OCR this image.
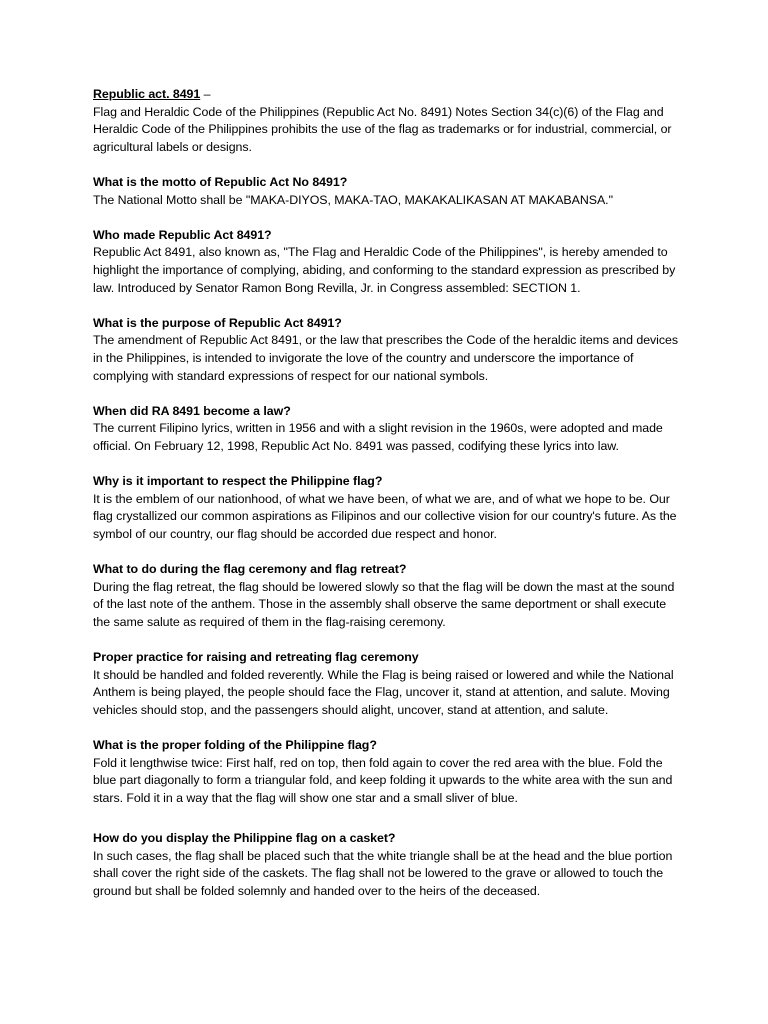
Republic act. 8491 –

Flag and Heraldic Code of the Philippines (Republic Act No. 8491) Notes Section 34(c)(6) of the Flag and Heraldic Code of the Philippines prohibits the use of the flag as trademarks or for industrial, commercial, or agricultural labels or designs.

What is the motto of Republic Act No 8491?

The National Motto shall be "MAKA-DIYOS, MAKA-TAO, MAKAKALIKASAN AT MAKABANSA."

Who made Republic Act 8491?

Republic Act 8491, also known as, "The Flag and Heraldic Code of the Philippines", is hereby amended to highlight the importance of complying, abiding, and conforming to the standard expression as prescribed by law. Introduced by Senator Ramon Bong Revilla, Jr. in Congress assembled: SECTION 1.

What is the purpose of Republic Act 8491?

The amendment of Republic Act 8491, or the law that prescribes the Code of the heraldic items and devices in the Philippines, is intended to invigorate the love of the country and underscore the importance of complying with standard expressions of respect for our national symbols.

When did RA 8491 become a law?

The current Filipino lyrics, written in 1956 and with a slight revision in the 1960s, were adopted and made official. On February 12, 1998, Republic Act No. 8491 was passed, codifying these lyrics into law.

Why is it important to respect the Philippine flag?

It is the emblem of our nationhood, of what we have been, of what we are, and of what we hope to be. Our flag crystallized our common aspirations as Filipinos and our collective vision for our country's future. As the symbol of our country, our flag should be accorded due respect and honor.

What to do during the flag ceremony and flag retreat?

During the flag retreat, the flag should be lowered slowly so that the flag will be down the mast at the sound of the last note of the anthem. Those in the assembly shall observe the same deportment or shall execute the same salute as required of them in the flag-raising ceremony.

Proper practice for raising and retreating flag ceremony

It should be handled and folded reverently. While the Flag is being raised or lowered and while the National Anthem is being played, the people should face the Flag, uncover it, stand at attention, and salute. Moving vehicles should stop, and the passengers should alight, uncover, stand at attention, and salute.

What is the proper folding of the Philippine flag?

Fold it lengthwise twice: First half, red on top, then fold again to cover the red area with the blue. Fold the blue part diagonally to form a triangular fold, and keep folding it upwards to the white area with the sun and stars. Fold it in a way that the flag will show one star and a small sliver of blue.

How do you display the Philippine flag on a casket?

In such cases, the flag shall be placed such that the white triangle shall be at the head and the blue portion shall cover the right side of the caskets. The flag shall not be lowered to the grave or allowed to touch the ground but shall be folded solemnly and handed over to the heirs of the deceased.
